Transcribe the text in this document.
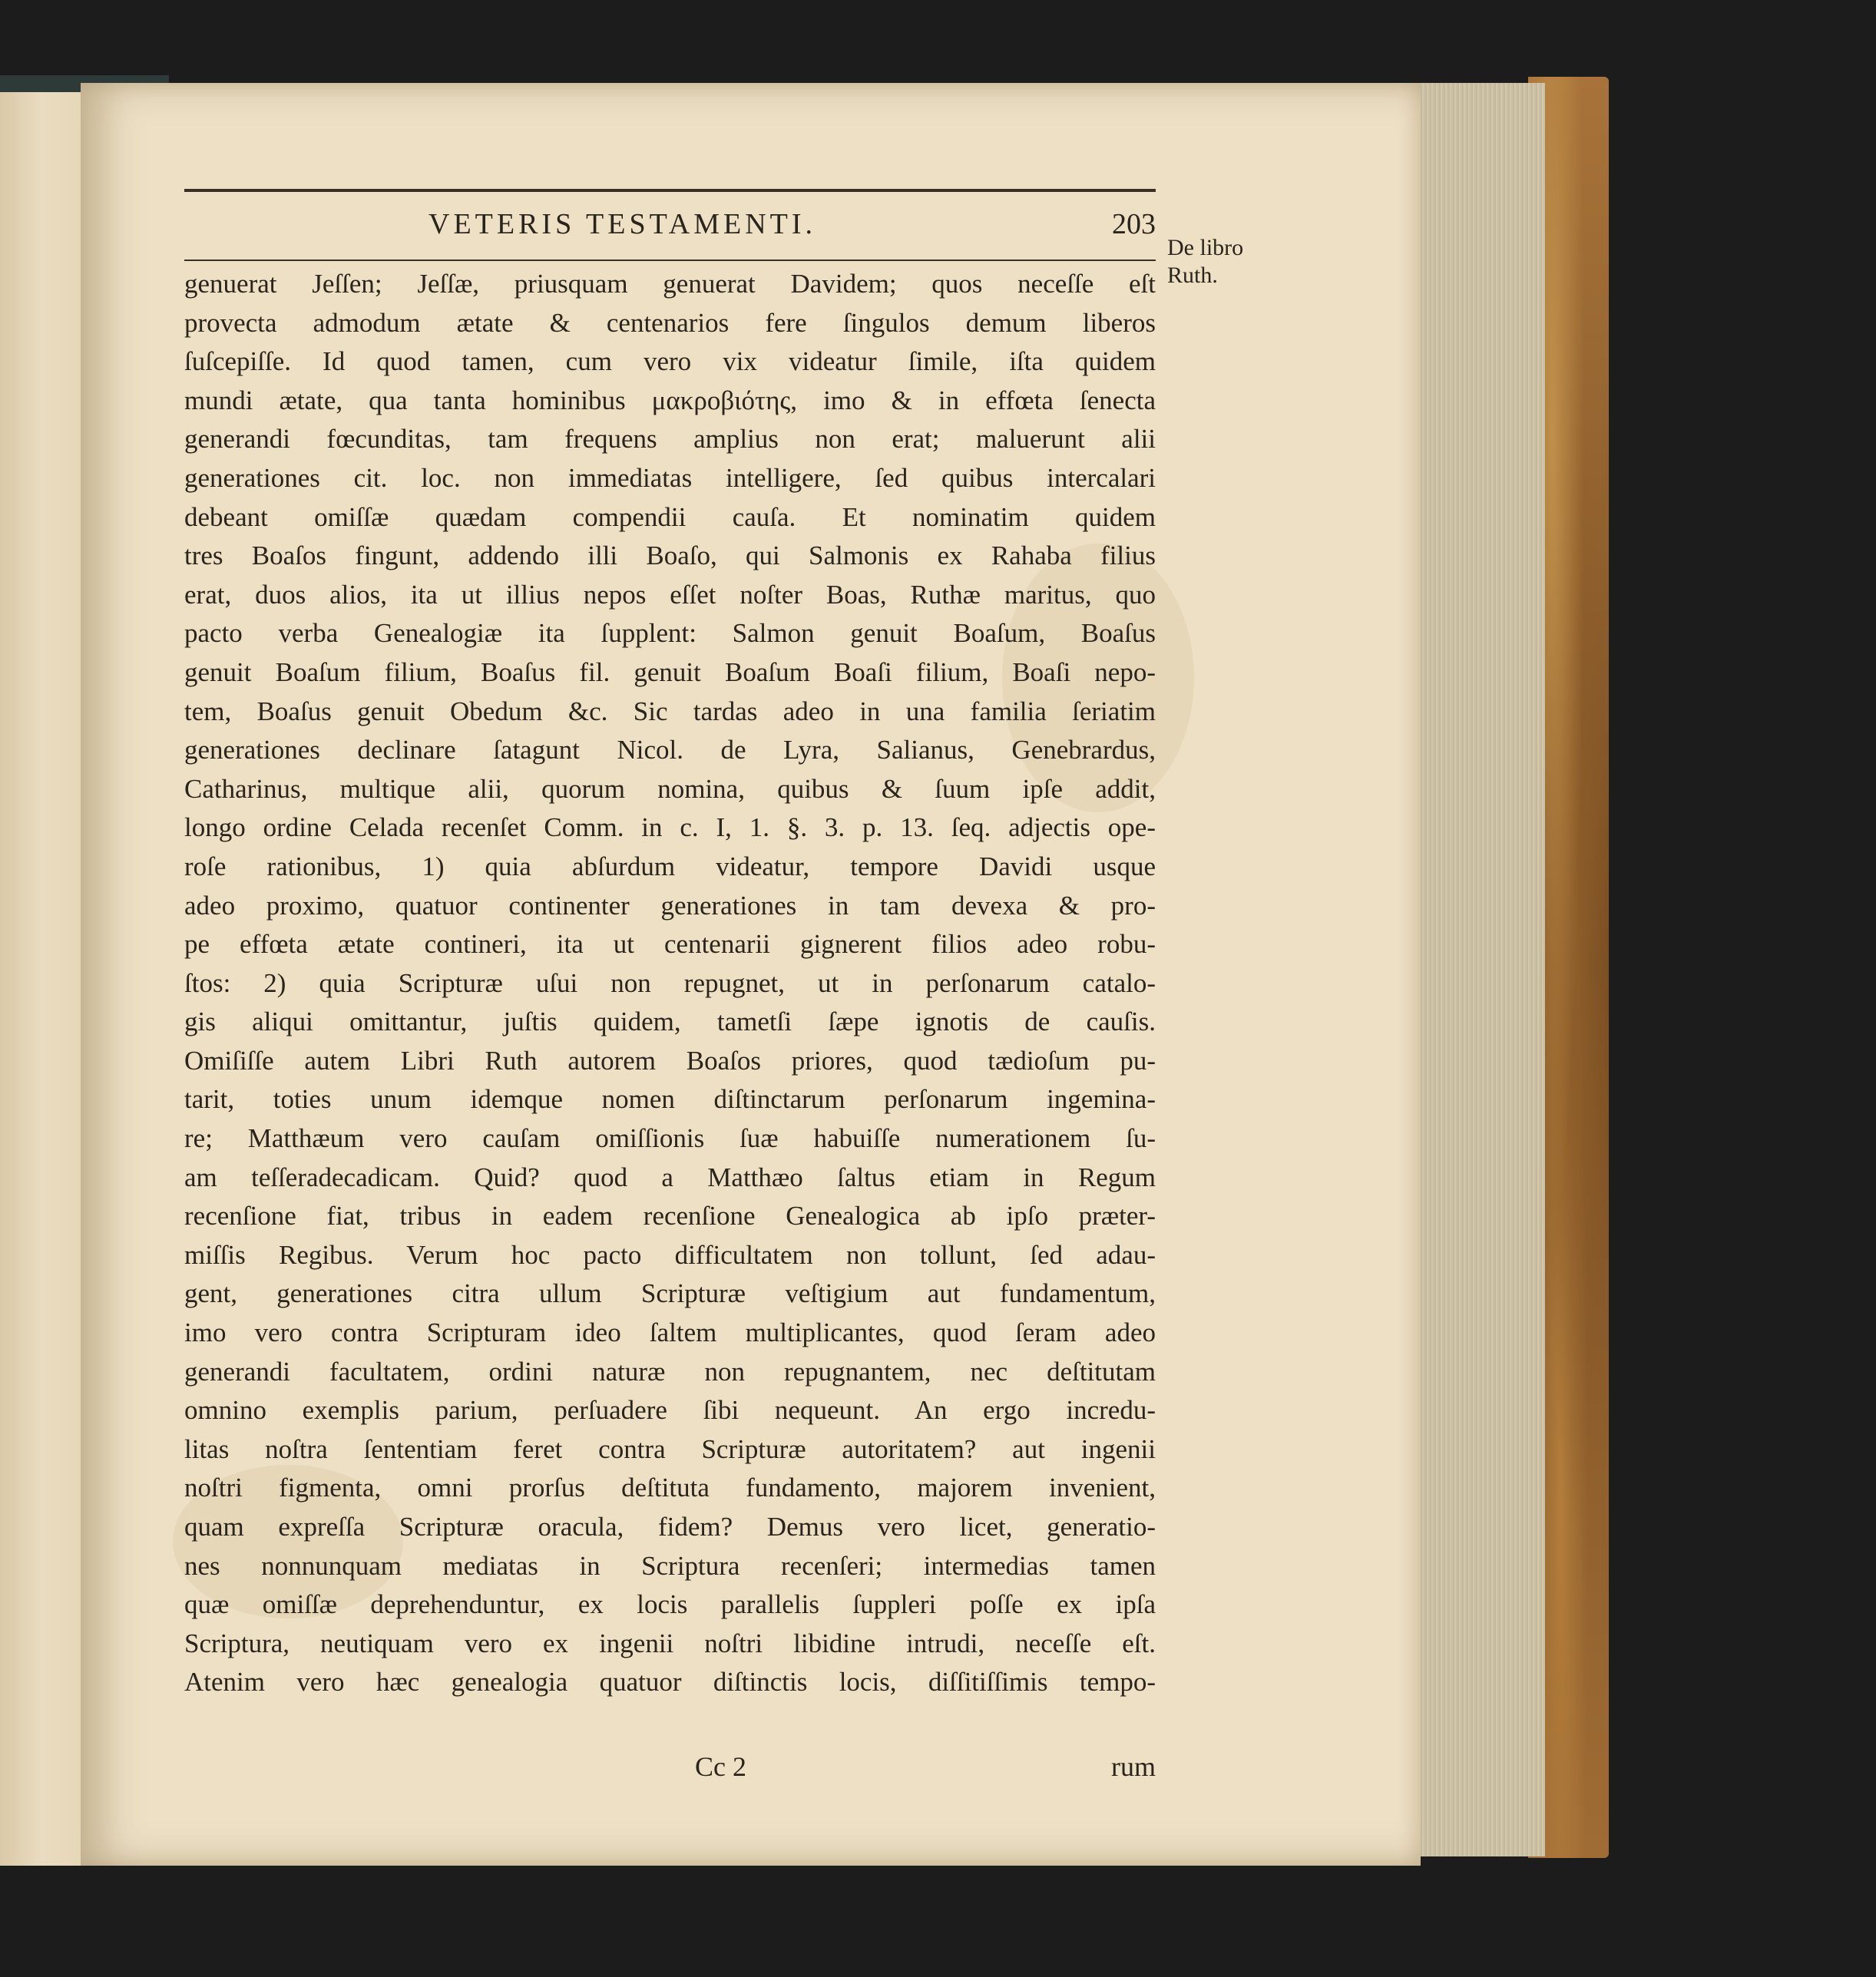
VETERIS TESTAMENTI.	203
genuerat Jeſſen; Jeſſæ, priusquam genuerat Davidem; quos neceſſe eſt
provecta admodum ætate & centenarios fere ſingulos demum liberos
ſuſcepiſſe. Id quod tamen, cum vero vix videatur ſimile, iſta quidem
mundi ætate, qua tanta hominibus μακροβιότης, imo & in effœta ſenecta
generandi fœcunditas, tam frequens amplius non erat; maluerunt alii
generationes cit. loc. non immediatas intelligere, ſed quibus intercalari
debeant omiſſæ quædam compendii cauſa. Et nominatim quidem
tres Boaſos fingunt, addendo illi Boaſo, qui Salmonis ex Rahaba filius
erat, duos alios, ita ut illius nepos eſſet noſter Boas, Ruthæ maritus, quo
pacto verba Genealogiæ ita ſupplent: Salmon genuit Boaſum, Boaſus
genuit Boaſum filium, Boaſus fil. genuit Boaſum Boaſi filium, Boaſi nepo-
tem, Boaſus genuit Obedum &c. Sic tardas adeo in una familia ſeriatim
generationes declinare ſatagunt Nicol. de Lyra, Salianus, Genebrardus,
Catharinus, multique alii, quorum nomina, quibus & ſuum ipſe addit,
longo ordine Celada recenſet Comm. in c. I, 1. §. 3. p. 13. ſeq. adjectis ope-
roſe rationibus, 1) quia abſurdum videatur, tempore Davidi usque
adeo proximo, quatuor continenter generationes in tam devexa & pro-
pe effœta ætate contineri, ita ut centenarii gignerent filios adeo robu-
ſtos: 2) quia Scripturæ uſui non repugnet, ut in perſonarum catalo-
gis aliqui omittantur, juſtis quidem, tametſi ſæpe ignotis de cauſis.
Omiſiſſe autem Libri Ruth autorem Boaſos priores, quod tædioſum pu-
tarit, toties unum idemque nomen diſtinctarum perſonarum ingemina-
re; Matthæum vero cauſam omiſſionis ſuæ habuiſſe numerationem ſu-
am teſſeradecadicam. Quid? quod a Matthæo ſaltus etiam in Regum
recenſione fiat, tribus in eadem recenſione Genealogica ab ipſo præter-
miſſis Regibus. Verum hoc pacto difficultatem non tollunt, ſed adau-
gent, generationes citra ullum Scripturæ veſtigium aut fundamentum,
imo vero contra Scripturam ideo ſaltem multiplicantes, quod ſeram adeo
generandi facultatem, ordini naturæ non repugnantem, nec deſtitutam
omnino exemplis parium, perſuadere ſibi nequeunt. An ergo incredu-
litas noſtra ſententiam feret contra Scripturæ autoritatem? aut ingenii
noſtri figmenta, omni prorſus deſtituta fundamento, majorem invenient,
quam expreſſa Scripturæ oracula, fidem? Demus vero licet, generatio-
nes nonnunquam mediatas in Scriptura recenſeri; intermedias tamen
quæ omiſſæ deprehenduntur, ex locis parallelis ſuppleri poſſe ex ipſa
Scriptura, neutiquam vero ex ingenii noſtri libidine intrudi, neceſſe eſt.
Atenim vero hæc genealogia quatuor diſtinctis locis, diſſitiſſimis tempo-
Cc 2	rum
De libro
Ruth.
